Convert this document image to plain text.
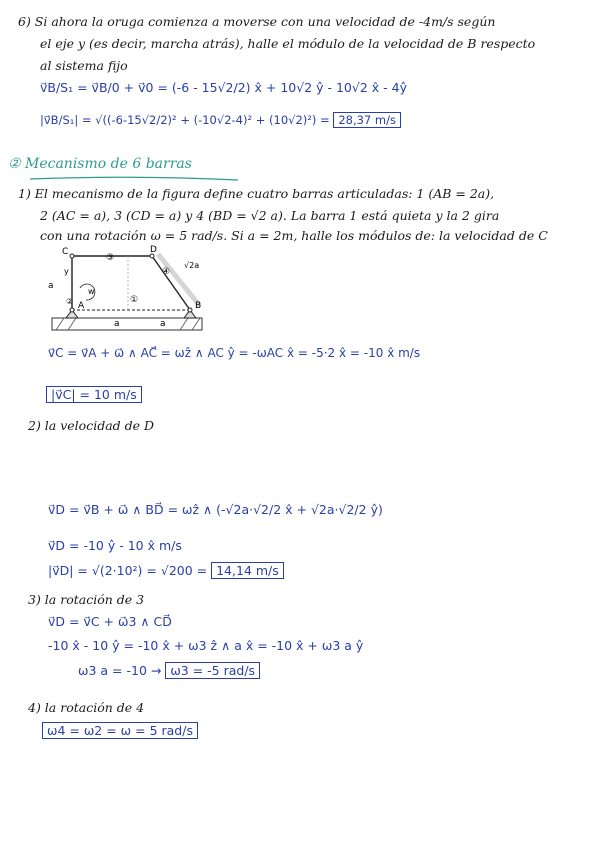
6) Si ahora la oruga comienza a moverse con una velocidad de -4m/s según
el eje y (es decir, marcha atrás), halle el módulo de la velocidad de B respecto
al sistema fijo
v⃗B/S₁ = v⃗B/0 + v⃗0 = (-6 - 15√2/2) x̂ + 10√2 ŷ - 10√2 x̂ - 4ŷ
|v⃗B/S₁| = √((-6-15√2/2)² + (-10√2-4)² + (10√2)²) = 28,37 m/s
② Mecanismo de 6 barras
1) El mecanismo de la figura define cuatro barras articuladas: 1 (AB = 2a),
2 (AC = a), 3 (CD = a) y 4 (BD = √2 a). La barra 1 está quieta y la 2 gira
con una rotación ω = 5 rad/s. Si a = 2m, halle los módulos de: la velocidad de C
C	D
A	B
a
a	a
③
①
④
②
√2a
w
y
v⃗C = v⃗A + ω⃗ ∧ AC⃗ = ωẑ ∧ AC ŷ = -ωAC x̂ = -5·2 x̂ = -10 x̂ m/s
|v⃗C| = 10 m/s
2) la velocidad de D
v⃗D = v⃗B + ω⃗ ∧ BD⃗ = ωẑ ∧ (-√2a·√2/2 x̂ + √2a·√2/2 ŷ)
v⃗D = -10 ŷ - 10 x̂ m/s
|v⃗D| = √(2·10²) = √200 = 14,14 m/s
3) la rotación de 3
v⃗D = v⃗C + ω⃗3 ∧ CD⃗
-10 x̂ - 10 ŷ = -10 x̂ + ω3 ẑ ∧ a x̂ = -10 x̂ + ω3 a ŷ
ω3 a = -10 → ω3 = -5 rad/s
4) la rotación de 4
ω4 = ω2 = ω = 5 rad/s
